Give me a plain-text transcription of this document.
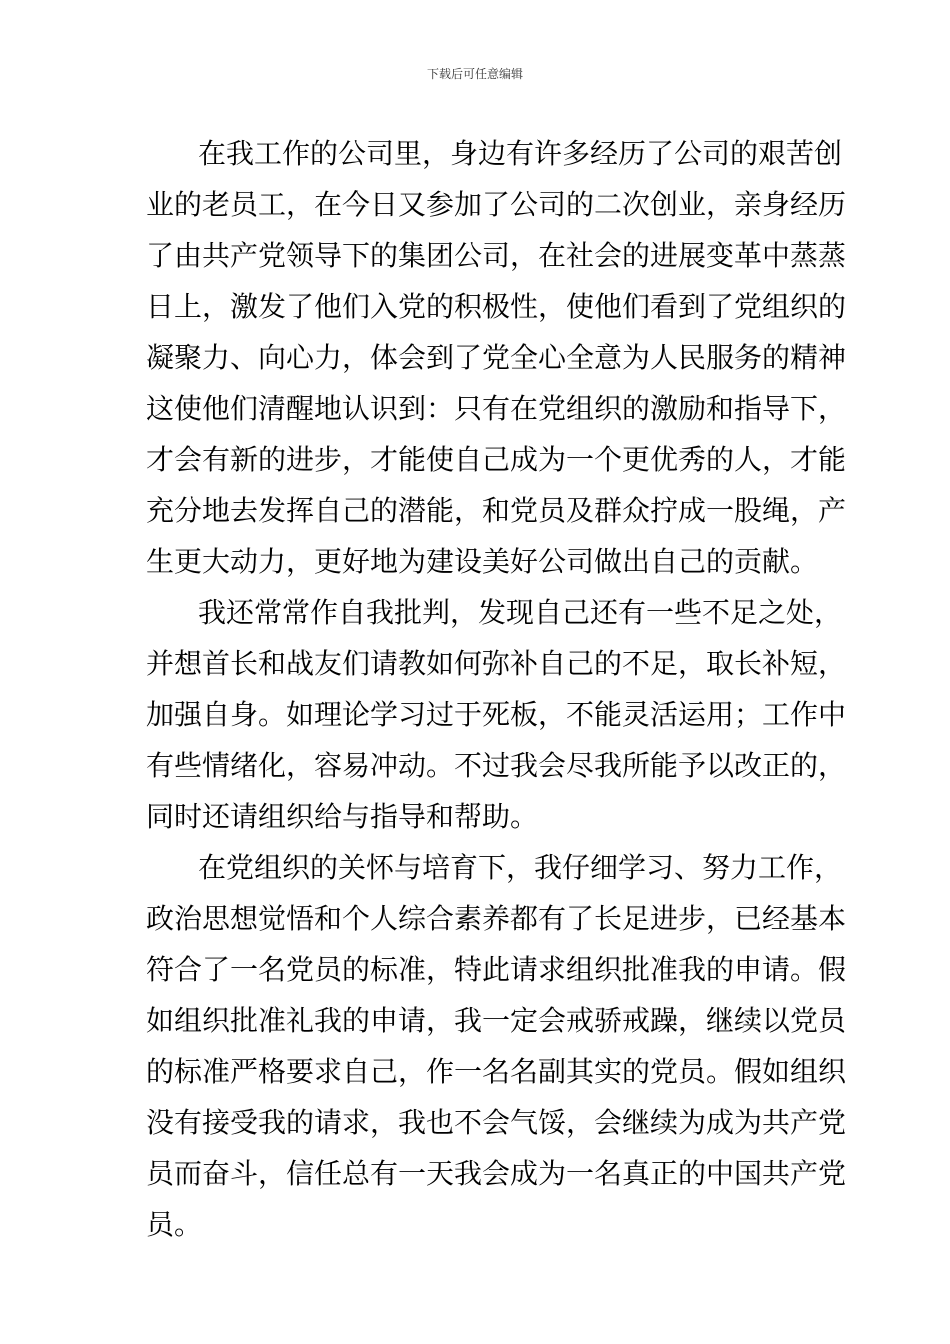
下载后可任意编辑
在我工作的公司里，身边有许多经历了公司的艰苦创
业的老员工，在今日又参加了公司的二次创业，亲身经历
了由共产党领导下的集团公司，在社会的进展变革中蒸蒸
日上，激发了他们入党的积极性，使他们看到了党组织的
凝聚力、向心力，体会到了党全心全意为人民服务的精神
这使他们清醒地认识到：只有在党组织的激励和指导下，
才会有新的进步，才能使自己成为一个更优秀的人，才能
充分地去发挥自己的潜能，和党员及群众拧成一股绳，产
生更大动力，更好地为建设美好公司做出自己的贡献。
我还常常作自我批判，发现自己还有一些不足之处，
并想首长和战友们请教如何弥补自己的不足，取长补短，
加强自身。如理论学习过于死板，不能灵活运用；工作中
有些情绪化，容易冲动。不过我会尽我所能予以改正的，
同时还请组织给与指导和帮助。
在党组织的关怀与培育下，我仔细学习、努力工作，
政治思想觉悟和个人综合素养都有了长足进步，已经基本
符合了一名党员的标准，特此请求组织批准我的申请。假
如组织批准礼我的申请，我一定会戒骄戒躁，继续以党员
的标准严格要求自己，作一名名副其实的党员。假如组织
没有接受我的请求，我也不会气馁，会继续为成为共产党
员而奋斗，信任总有一天我会成为一名真正的中国共产党
员。
